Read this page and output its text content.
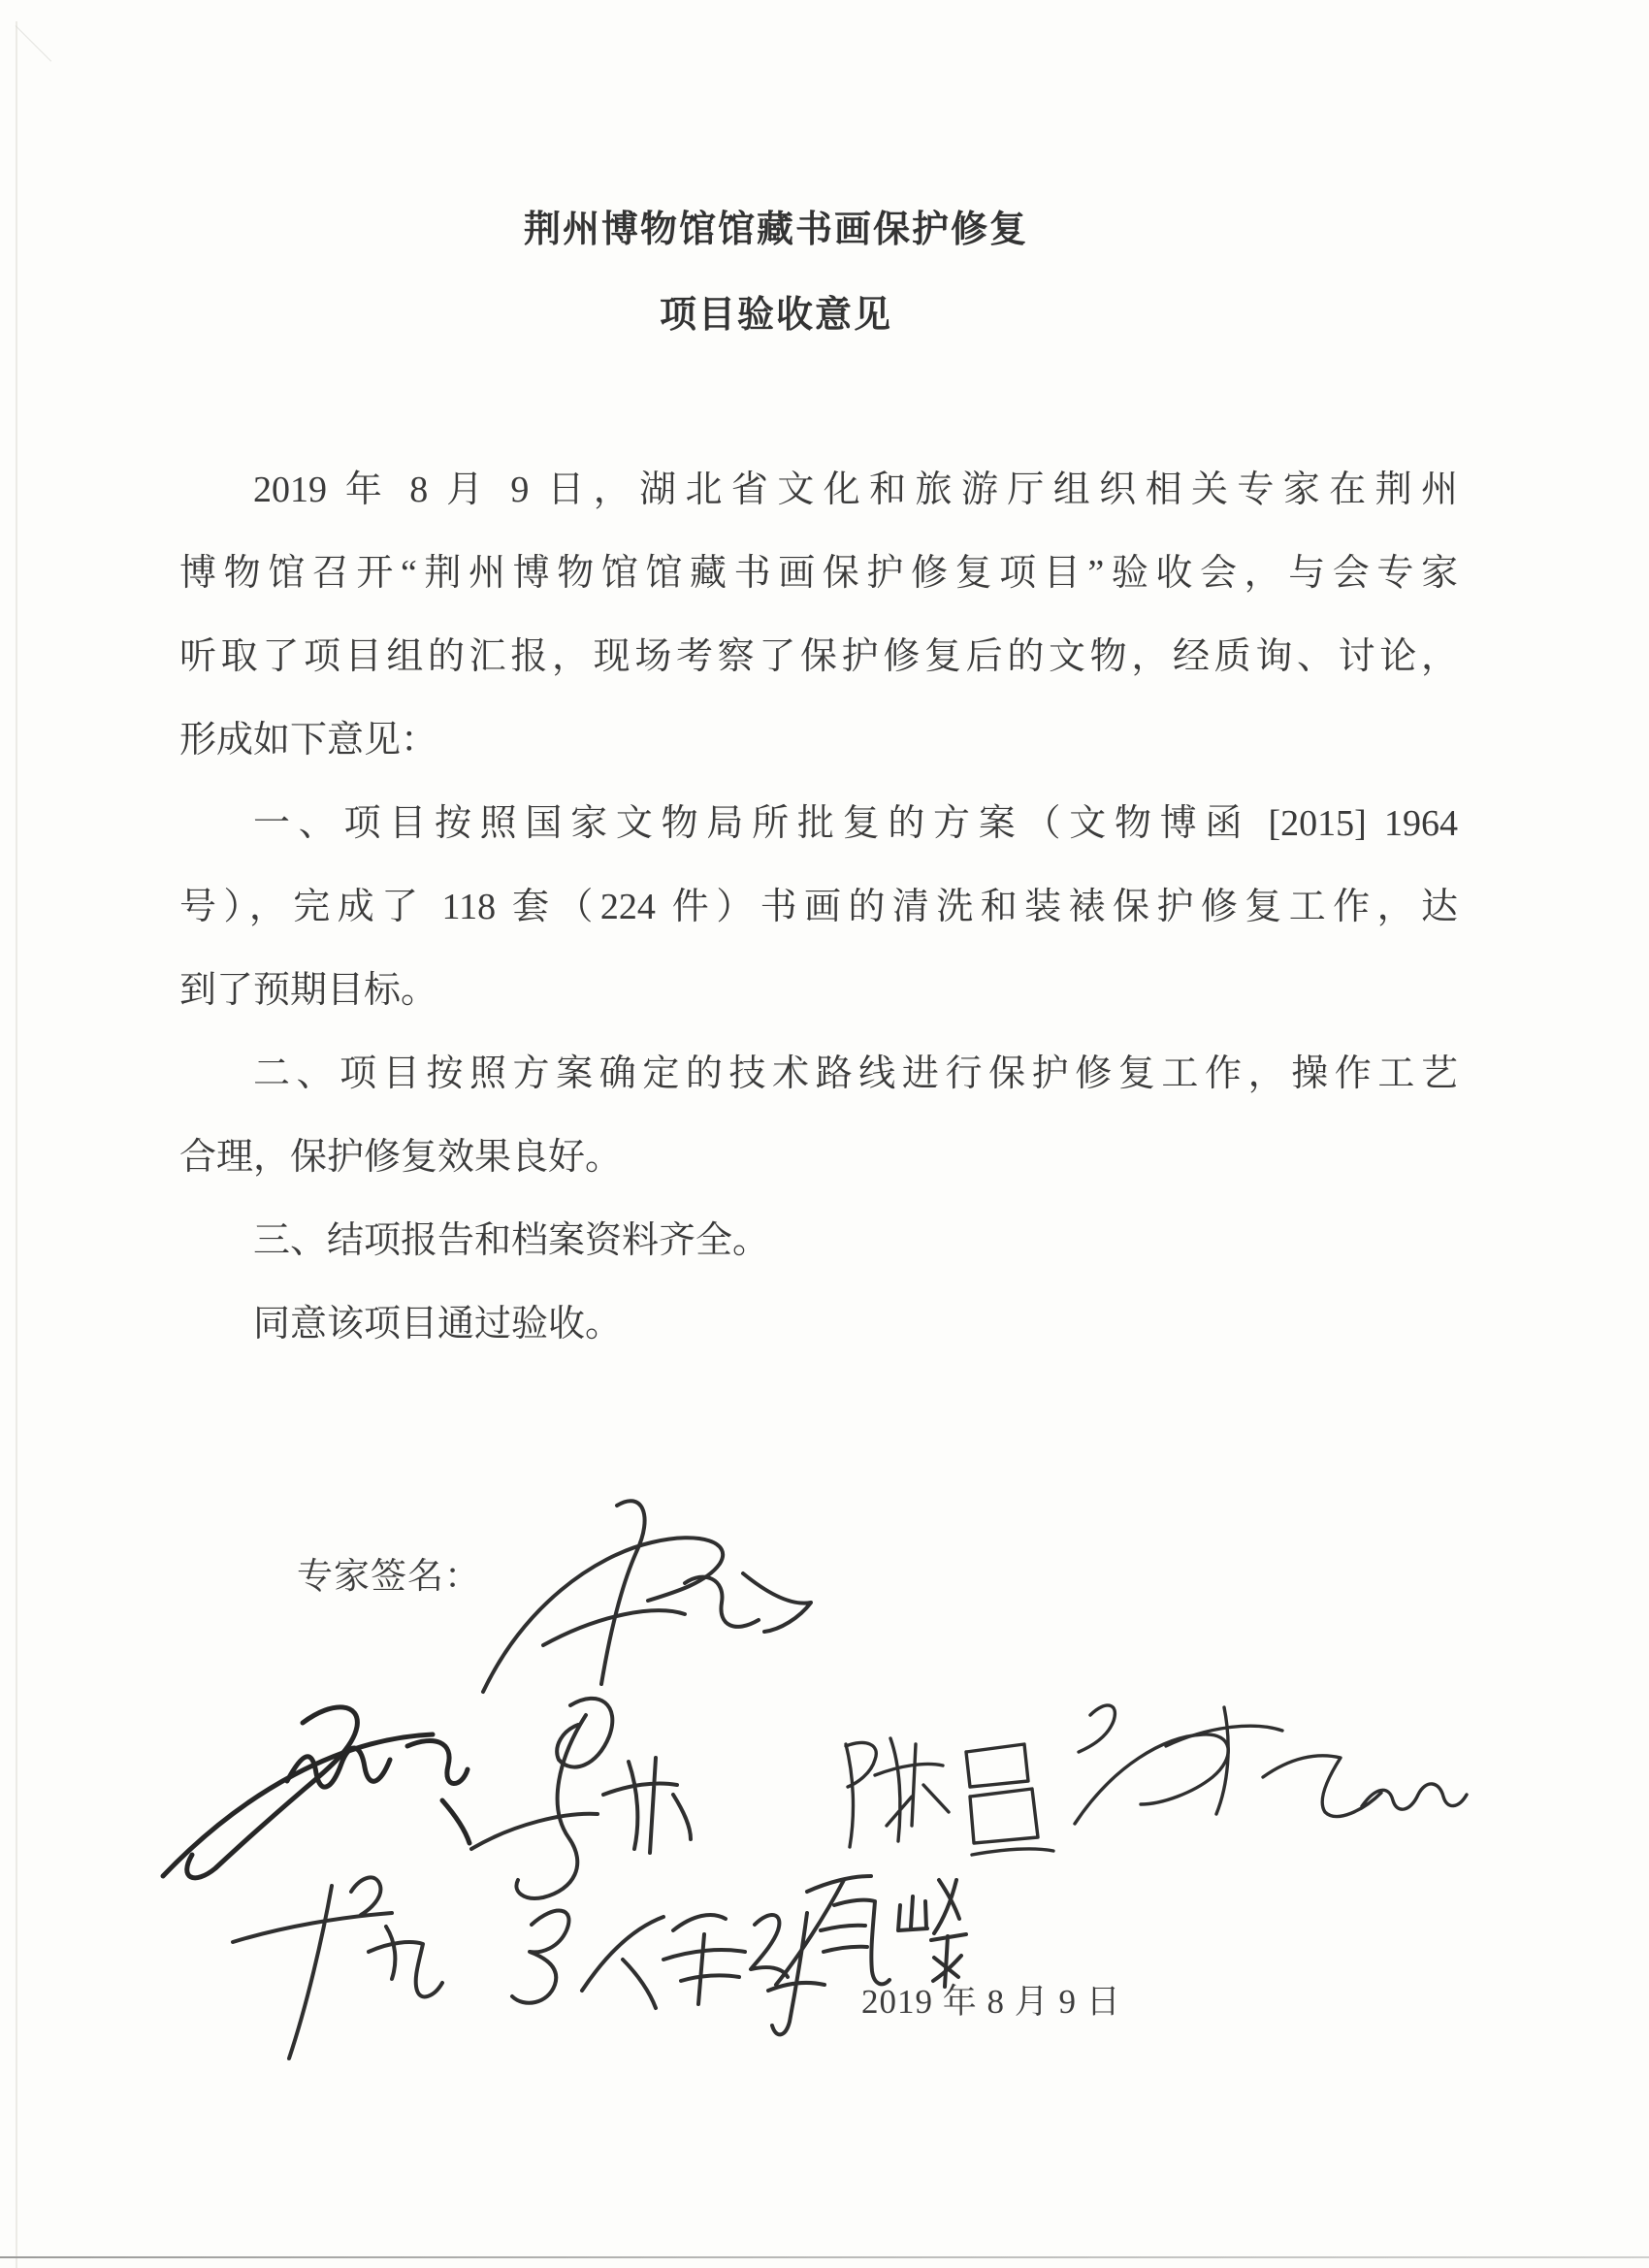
荆州博物馆馆藏书画保护修复
项目验收意见
2019 年 8 月 9 日，湖北省文化和旅游厅组织相关专家在荆州
博物馆召开“荆州博物馆馆藏书画保护修复项目”验收会，与会专家
听取了项目组的汇报，现场考察了保护修复后的文物，经质询、讨论，
形成如下意见：
一、项目按照国家文物局所批复的方案（文物博函 [2015] 1964
号），完成了 118 套（224 件）书画的清洗和装裱保护修复工作，达
到了预期目标。
二、项目按照方案确定的技术路线进行保护修复工作，操作工艺
合理，保护修复效果良好。
三、结项报告和档案资料齐全。
同意该项目通过验收。
专家签名：
2019 年 8 月 9 日
